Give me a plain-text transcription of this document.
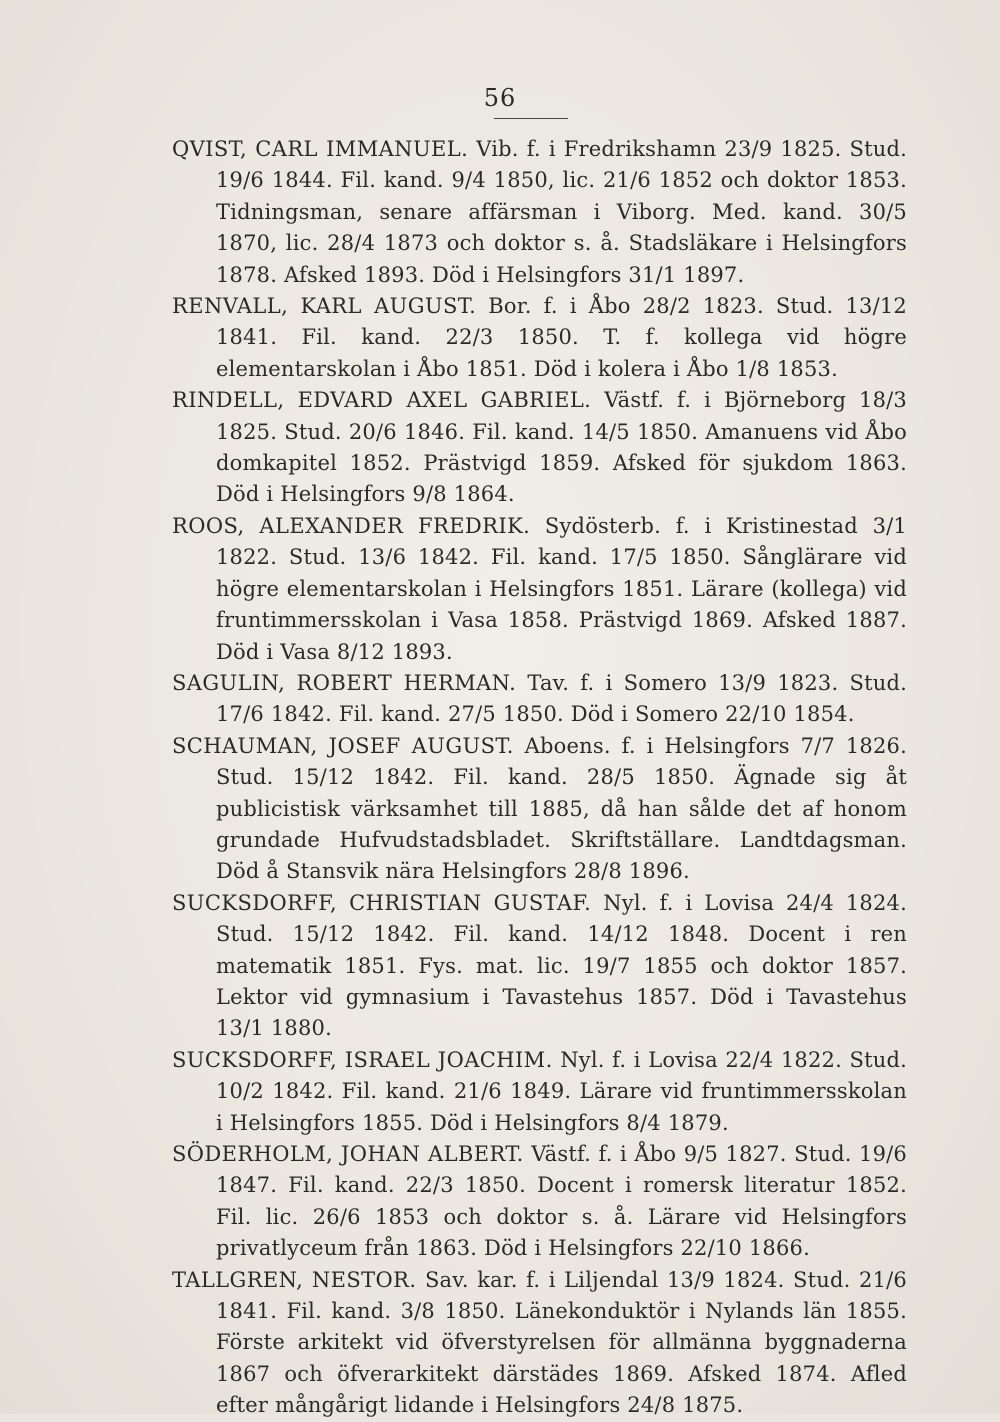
56

QVIST, CARL IMMANUEL. Vib. f. i Fredrikshamn 23/9 1825. Stud. 19/6 1844. Fil. kand. 9/4 1850, lic. 21/6 1852 och doktor 1853. Tidningsman, senare affärsman i Viborg. Med. kand. 30/5 1870, lic. 28/4 1873 och doktor s. å. Stadsläkare i Helsingfors 1878. Afsked 1893. Död i Helsingfors 31/1 1897.

RENVALL, KARL AUGUST. Bor. f. i Åbo 28/2 1823. Stud. 13/12 1841. Fil. kand. 22/3 1850. T. f. kollega vid högre elementarskolan i Åbo 1851. Död i kolera i Åbo 1/8 1853.

RINDELL, EDVARD AXEL GABRIEL. Västf. f. i Björneborg 18/3 1825. Stud. 20/6 1846. Fil. kand. 14/5 1850. Amanuens vid Åbo domkapitel 1852. Prästvigd 1859. Afsked för sjukdom 1863. Död i Helsingfors 9/8 1864.

ROOS, ALEXANDER FREDRIK. Sydösterb. f. i Kristinestad 3/1 1822. Stud. 13/6 1842. Fil. kand. 17/5 1850. Sånglärare vid högre elementarskolan i Helsingfors 1851. Lärare (kollega) vid fruntimmersskolan i Vasa 1858. Prästvigd 1869. Afsked 1887. Död i Vasa 8/12 1893.

SAGULIN, ROBERT HERMAN. Tav. f. i Somero 13/9 1823. Stud. 17/6 1842. Fil. kand. 27/5 1850. Död i Somero 22/10 1854.

SCHAUMAN, JOSEF AUGUST. Aboens. f. i Helsingfors 7/7 1826. Stud. 15/12 1842. Fil. kand. 28/5 1850. Ägnade sig åt publicistisk värksamhet till 1885, då han sålde det af honom grundade Hufvudstadsbladet. Skriftställare. Landtdagsman. Död å Stansvik nära Helsingfors 28/8 1896.

SUCKSDORFF, CHRISTIAN GUSTAF. Nyl. f. i Lovisa 24/4 1824. Stud. 15/12 1842. Fil. kand. 14/12 1848. Docent i ren matematik 1851. Fys. mat. lic. 19/7 1855 och doktor 1857. Lektor vid gymnasium i Tavastehus 1857. Död i Tavastehus 13/1 1880.

SUCKSDORFF, ISRAEL JOACHIM. Nyl. f. i Lovisa 22/4 1822. Stud. 10/2 1842. Fil. kand. 21/6 1849. Lärare vid fruntimmersskolan i Helsingfors 1855. Död i Helsingfors 8/4 1879.

SÖDERHOLM, JOHAN ALBERT. Västf. f. i Åbo 9/5 1827. Stud. 19/6 1847. Fil. kand. 22/3 1850. Docent i romersk literatur 1852. Fil. lic. 26/6 1853 och doktor s. å. Lärare vid Helsingfors privatlyceum från 1863. Död i Helsingfors 22/10 1866.

TALLGREN, NESTOR. Sav. kar. f. i Liljendal 13/9 1824. Stud. 21/6 1841. Fil. kand. 3/8 1850. Länekonduktör i Nylands län 1855. Förste arkitekt vid öfverstyrelsen för allmänna byggnaderna 1867 och öfverarkitekt därstädes 1869. Afsked 1874. Afled efter mångårigt lidande i Helsingfors 24/8 1875.
